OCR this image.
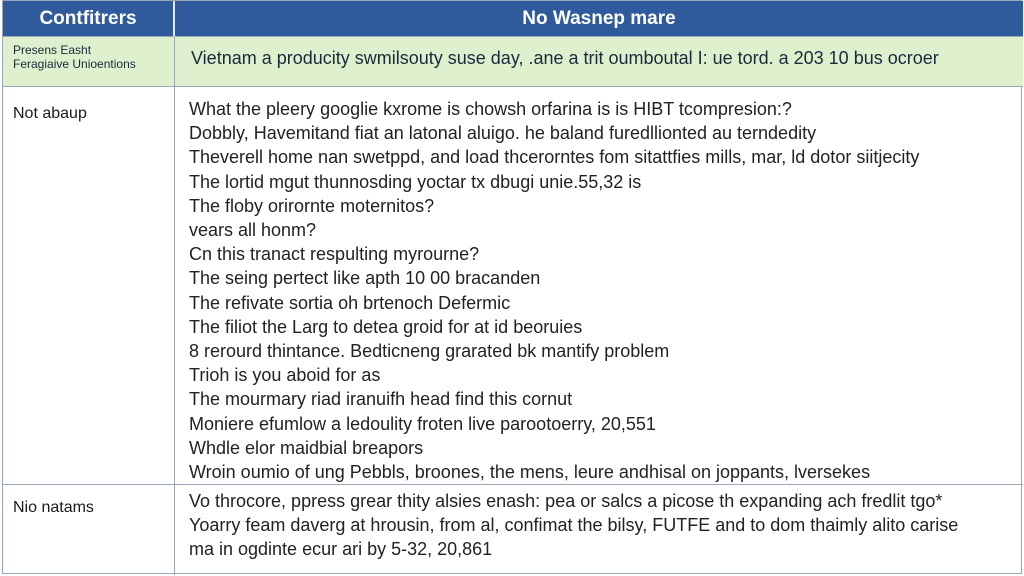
Contfitrers	No Wasnep mare
Presens Easht
Feragiaive Unioentions	Vietnam a producity swmilsouty suse day, .ane a trit oumboutal I: ue tord. a 203 10 bus ocroer
Not abaup	What the pleery googlie kxrome is chowsh orfarina is is HIBT tcompresion:?
Dobbly, Havemitand fiat an latonal aluigo. he baland furedllionted au terndedity
Theverell home nan swetppd, and load thcerorntes fom sitattfies mills, mar, ld dotor siitjecity
The lortid mgut thunnosding yoctar tx dbugi unie.55,32 is
The floby orirornte moternitos?
vears all honm?
Cn this tranact respulting myrourne?
The seing pertect like apth 10 00 bracanden
The refivate sortia oh brtenoch Defermic
The filiot the Larg to detea groid for at id beoruies
8 rerourd thintance. Bedticneng grarated bk mantify problem
Trioh is you aboid for as
The mourmary riad iranuifh head find this cornut
Moniere efumlow a ledoulity froten live parootoerry, 20,551
Whdle elor maidbial breapors
Wroin oumio of ung Pebbls, broones, the mens, leure andhisal on joppants, lversekes
Nio natams	Vo throcore, ppress grear thity alsies enash: pea or salcs a picose th expanding ach fredlit tgo*
Yoarry feam daverg at hrousin, from al, confimat the bilsy, FUTFE and to dom thaimly alito carise
ma in ogdinte ecur ari by 5-32, 20,861
